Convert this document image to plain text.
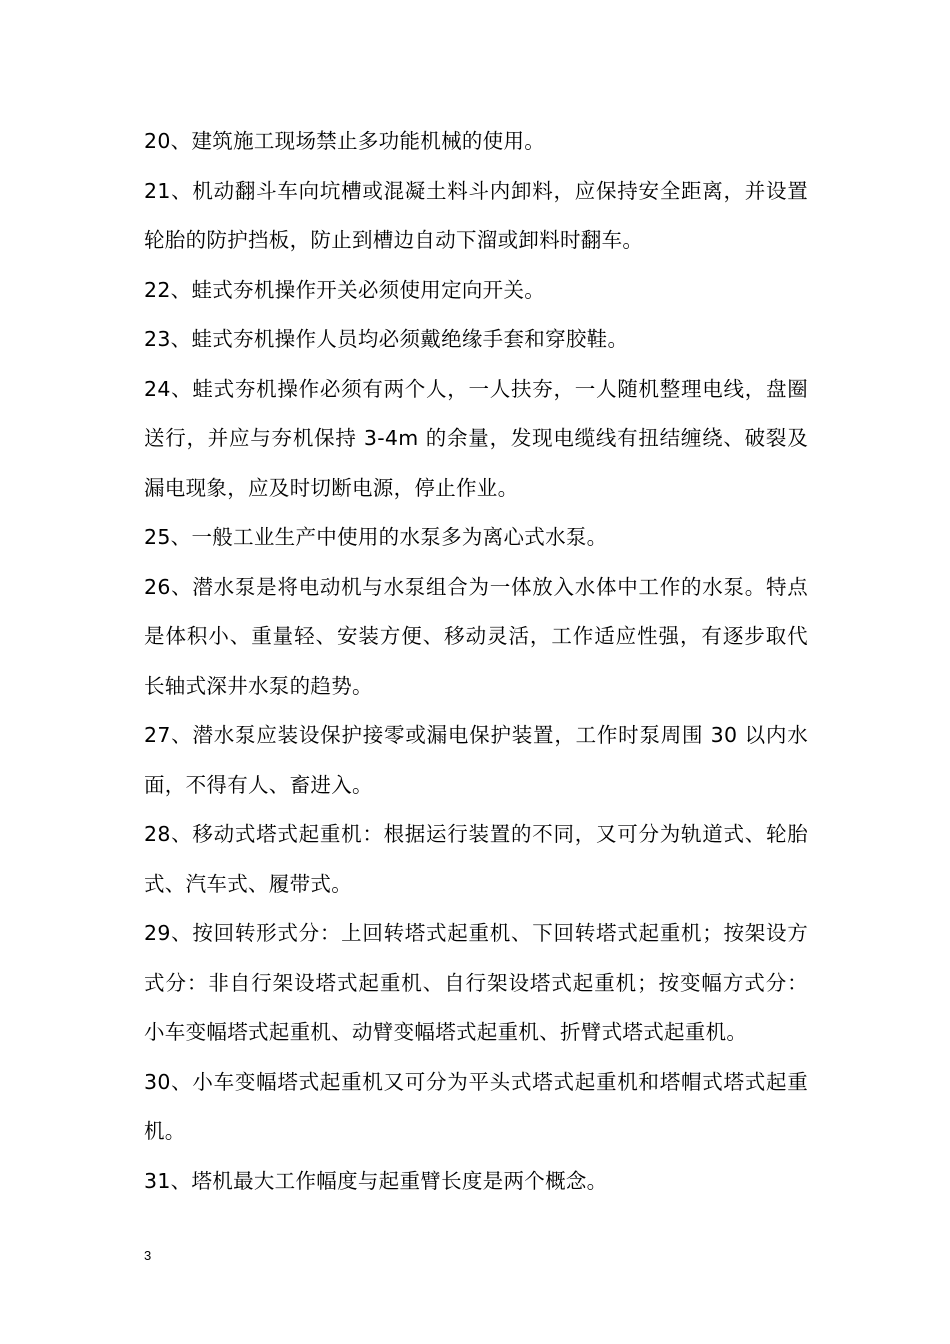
20、建筑施工现场禁止多功能机械的使用。

21、机动翻斗车向坑槽或混凝土料斗内卸料，应保持安全距离，并设置轮胎的防护挡板，防止到槽边自动下溜或卸料时翻车。

22、蛙式夯机操作开关必须使用定向开关。

23、蛙式夯机操作人员均必须戴绝缘手套和穿胶鞋。

24、蛙式夯机操作必须有两个人，一人扶夯，一人随机整理电线，盘圈送行，并应与夯机保持 3-4m 的余量，发现电缆线有扭结缠绕、破裂及漏电现象，应及时切断电源，停止作业。

25、一般工业生产中使用的水泵多为离心式水泵。

26、潜水泵是将电动机与水泵组合为一体放入水体中工作的水泵。特点是体积小、重量轻、安装方便、移动灵活，工作适应性强，有逐步取代长轴式深井水泵的趋势。

27、潜水泵应装设保护接零或漏电保护装置，工作时泵周围 30 以内水面，不得有人、畜进入。

28、移动式塔式起重机：根据运行装置的不同，又可分为轨道式、轮胎式、汽车式、履带式。

29、按回转形式分：上回转塔式起重机、下回转塔式起重机；按架设方式分：非自行架设塔式起重机、自行架设塔式起重机；按变幅方式分：小车变幅塔式起重机、动臂变幅塔式起重机、折臂式塔式起重机。

30、小车变幅塔式起重机又可分为平头式塔式起重机和塔帽式塔式起重机。

31、塔机最大工作幅度与起重臂长度是两个概念。

3
